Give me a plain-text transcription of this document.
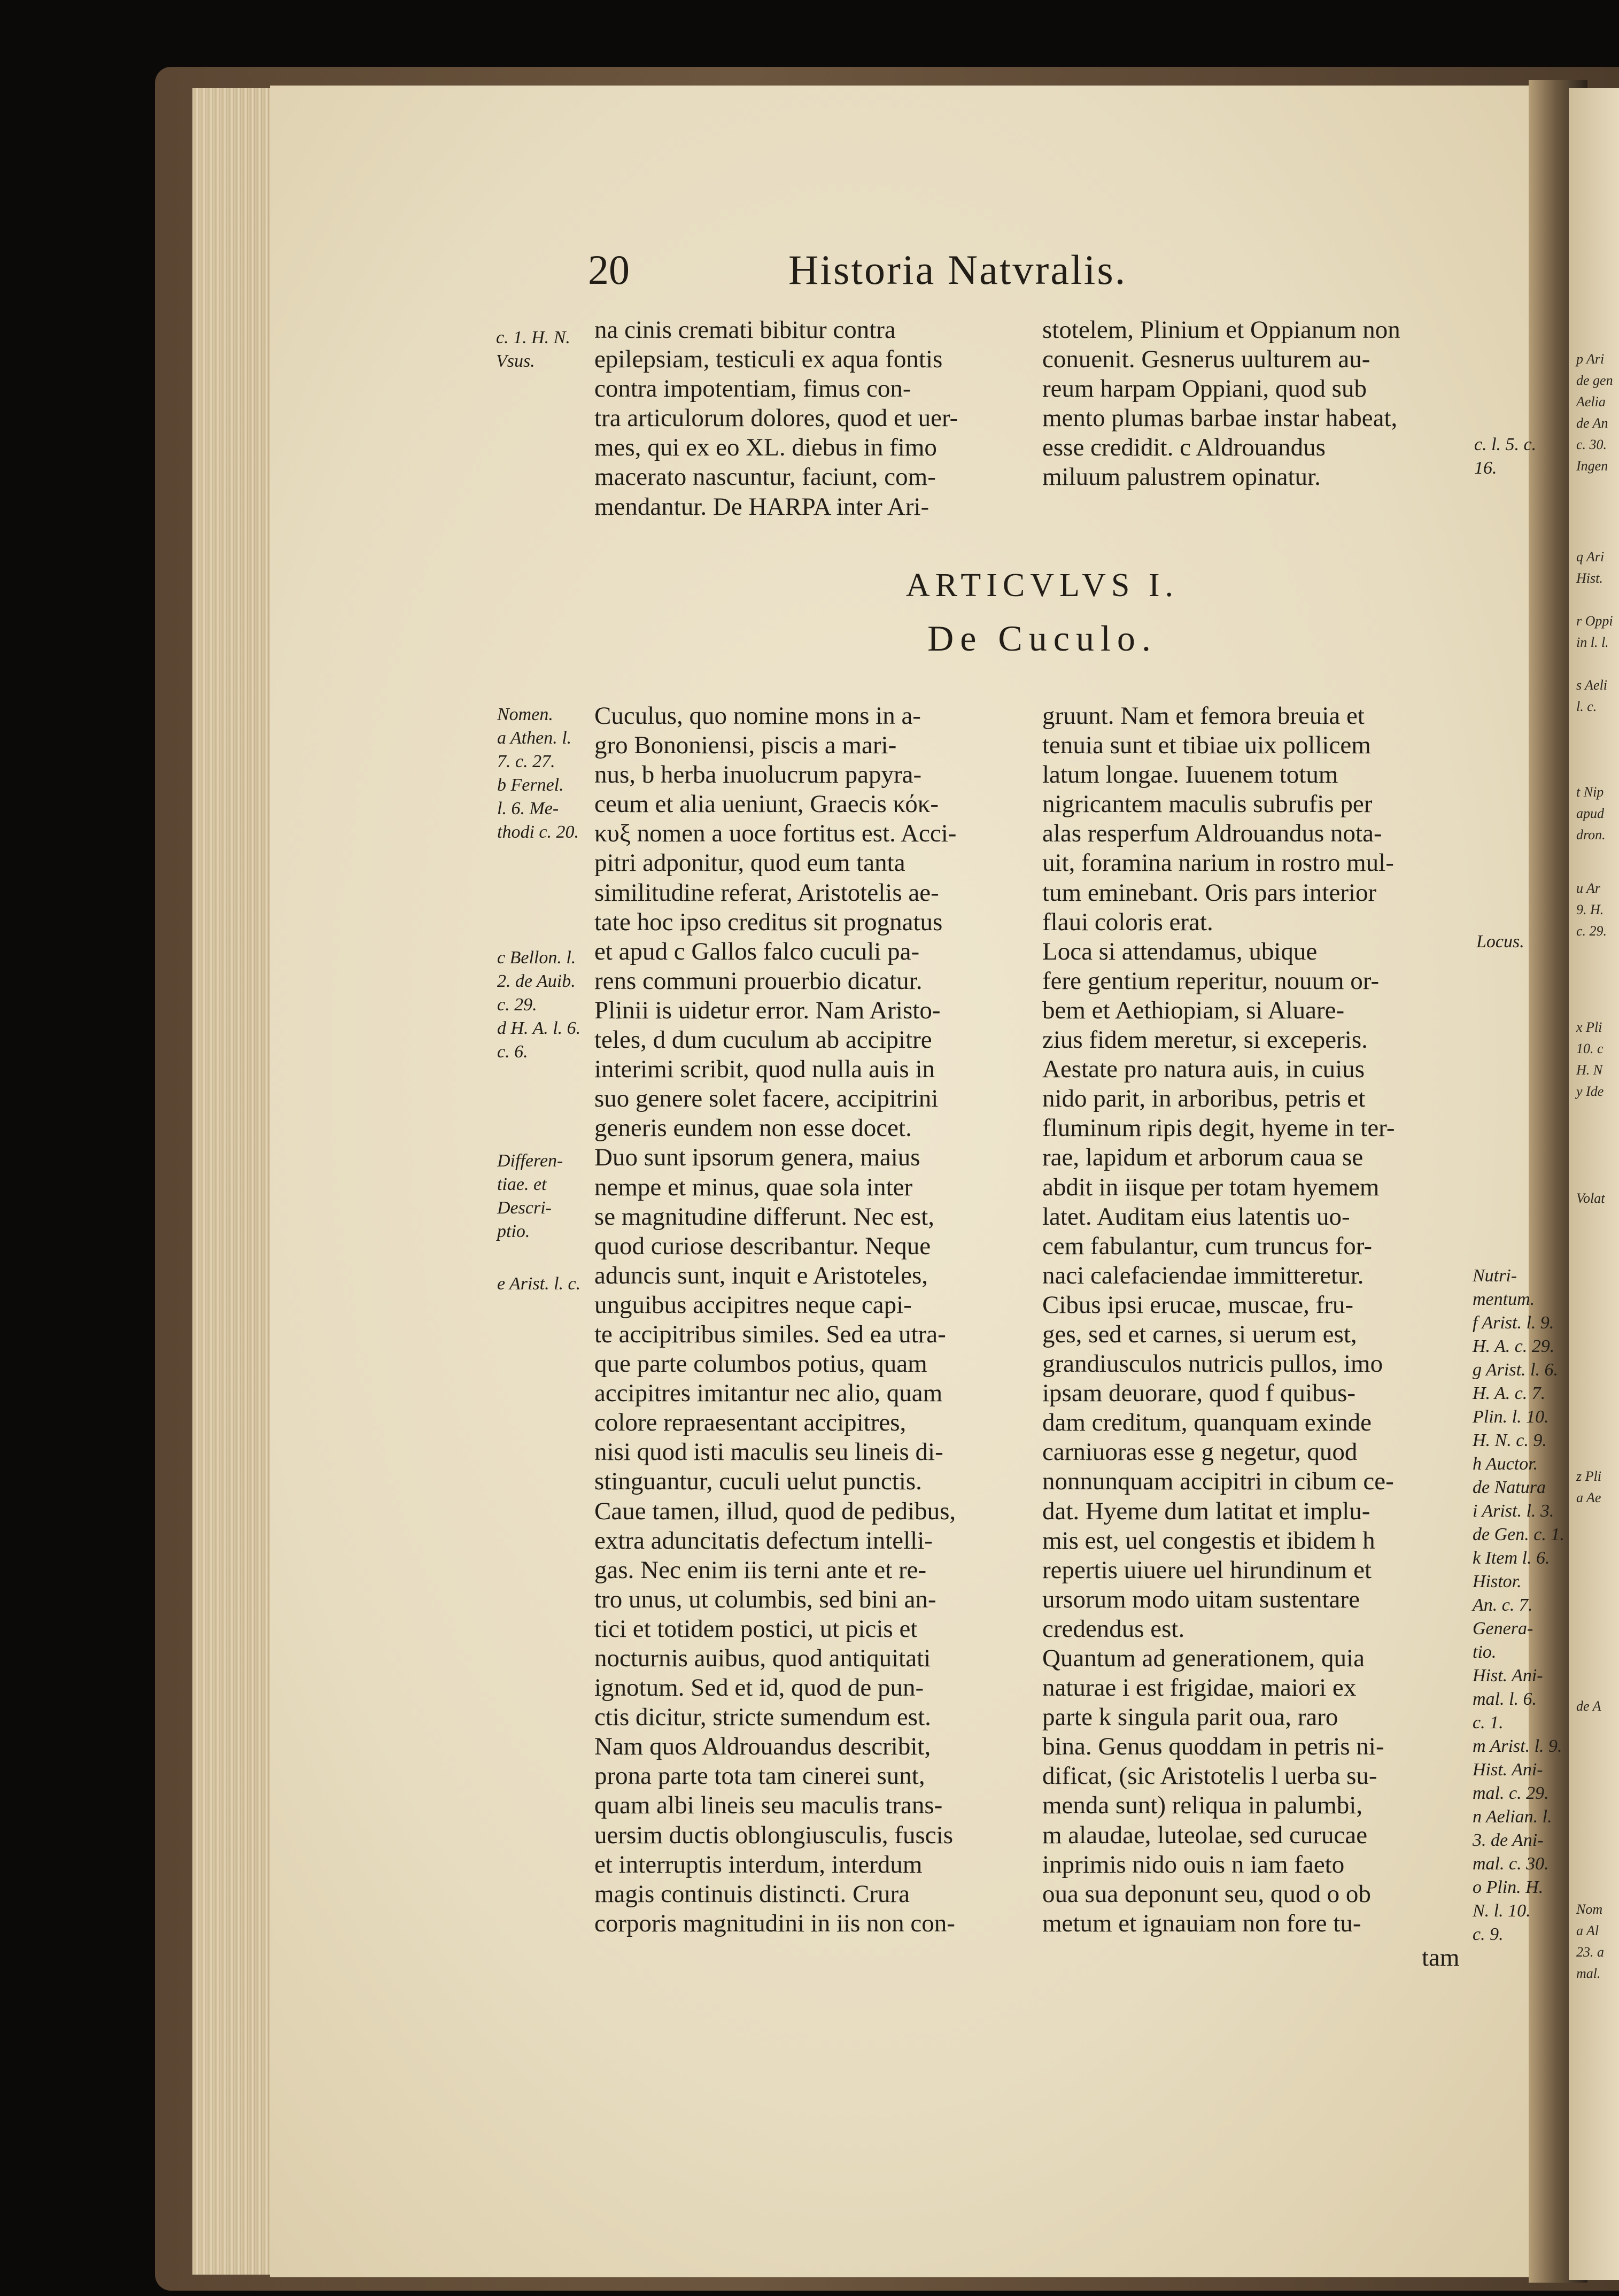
p Ari
de gen
Aelia
de An
c. 30.
Ingen
q Ari
Hist.
r Oppi
in l. l.
s Aeli
l. c.
t Nip
apud
dron.
u Ar
9. H.
c. 29.
x Pli
10. c
H. N
y Ide
Volat
z Pli
a Ae
de A
Nom
a Al
23. a
mal.
20	Historia Natvralis.
c. 1. H. N.
Vsus.
na cinis cremati bibitur contra
epilepsiam, testiculi ex aqua fontis
contra impotentiam, fimus con-
tra articulorum dolores, quod et uer-
mes, qui ex eo XL. diebus in fimo
macerato nascuntur, faciunt, com-
mendantur. De HARPA inter Ari-
stotelem, Plinium et Oppianum non
conuenit. Gesnerus uulturem au-
reum harpam Oppiani, quod sub
mento plumas barbae instar habeat,
esse credidit. c Aldrouandus
miluum palustrem opinatur.
c. l. 5. c.
16.
ARTICVLVS I.
De Cuculo.
Nomen.
a Athen. l.
7. c. 27.
b Fernel.
l. 6. Me-
thodi c. 20.
c Bellon. l.
2. de Auib.
c. 29.
d H. A. l. 6.
c. 6.
Differen-
tiae. et
Descri-
ptio.
e Arist. l. c.
Cuculus, quo nomine mons in a-
gro Bononiensi, piscis a mari-
nus, b herba inuolucrum papyra-
ceum et alia ueniunt, Graecis κόκ-
κυξ nomen a uoce fortitus est. Acci-
pitri adponitur, quod eum tanta
similitudine referat, Aristotelis ae-
tate hoc ipso creditus sit prognatus
et apud c Gallos falco cuculi pa-
rens communi prouerbio dicatur.
Plinii is uidetur error. Nam Aristo-
teles, d dum cuculum ab accipitre
interimi scribit, quod nulla auis in
suo genere solet facere, accipitrini
generis eundem non esse docet.
Duo sunt ipsorum genera, maius
nempe et minus, quae sola inter
se magnitudine differunt. Nec est,
quod curiose describantur. Neque
aduncis sunt, inquit e Aristoteles,
unguibus accipitres neque capi-
te accipitribus similes. Sed ea utra-
que parte columbos potius, quam
accipitres imitantur nec alio, quam
colore repraesentant accipitres,
nisi quod isti maculis seu lineis di-
stinguantur, cuculi uelut punctis.
Caue tamen, illud, quod de pedibus,
extra aduncitatis defectum intelli-
gas. Nec enim iis terni ante et re-
tro unus, ut columbis, sed bini an-
tici et totidem postici, ut picis et
nocturnis auibus, quod antiquitati
ignotum. Sed et id, quod de pun-
ctis dicitur, stricte sumendum est.
Nam quos Aldrouandus describit,
prona parte tota tam cinerei sunt,
quam albi lineis seu maculis trans-
uersim ductis oblongiusculis, fuscis
et interruptis interdum, interdum
magis continuis distincti. Crura
corporis magnitudini in iis non con-
gruunt. Nam et femora breuia et
tenuia sunt et tibiae uix pollicem
latum longae. Iuuenem totum
nigricantem maculis subrufis per
alas resperfum Aldrouandus nota-
uit, foramina narium in rostro mul-
tum eminebant. Oris pars interior
flaui coloris erat.
Loca si attendamus, ubique
fere gentium reperitur, nouum or-
bem et Aethiopiam, si Aluare-
zius fidem meretur, si exceperis.
Aestate pro natura auis, in cuius
nido parit, in arboribus, petris et
fluminum ripis degit, hyeme in ter-
rae, lapidum et arborum caua se
abdit in iisque per totam hyemem
latet. Auditam eius latentis uo-
cem fabulantur, cum truncus for-
naci calefaciendae immitteretur.
Cibus ipsi erucae, muscae, fru-
ges, sed et carnes, si uerum est,
grandiusculos nutricis pullos, imo
ipsam deuorare, quod f quibus-
dam creditum, quanquam exinde
carniuoras esse g negetur, quod
nonnunquam accipitri in cibum ce-
dat. Hyeme dum latitat et implu-
mis est, uel congestis et ibidem h
repertis uiuere uel hirundinum et
ursorum modo uitam sustentare
credendus est.
Quantum ad generationem, quia
naturae i est frigidae, maiori ex
parte k singula parit oua, raro
bina. Genus quoddam in petris ni-
dificat, (sic Aristotelis l uerba su-
menda sunt) reliqua in palumbi,
m alaudae, luteolae, sed curucae
inprimis nido ouis n iam faeto
oua sua deponunt seu, quod o ob
metum et ignauiam non fore tu-
Locus.
Nutri-
mentum.
f Arist. l. 9.
H. A. c. 29.
g Arist. l. 6.
H. A. c. 7.
Plin. l. 10.
H. N. c. 9.
h Auctor.
de Natura
i Arist. l. 3.
de Gen. c. 1.
k Item l. 6.
Histor.
An. c. 7.
Genera-
tio.
Hist. Ani-
mal. l. 6.
c. 1.
m Arist. l. 9.
Hist. Ani-
mal. c. 29.
n Aelian. l.
3. de Ani-
mal. c. 30.
o Plin. H.
N. l. 10.
c. 9.
tam
